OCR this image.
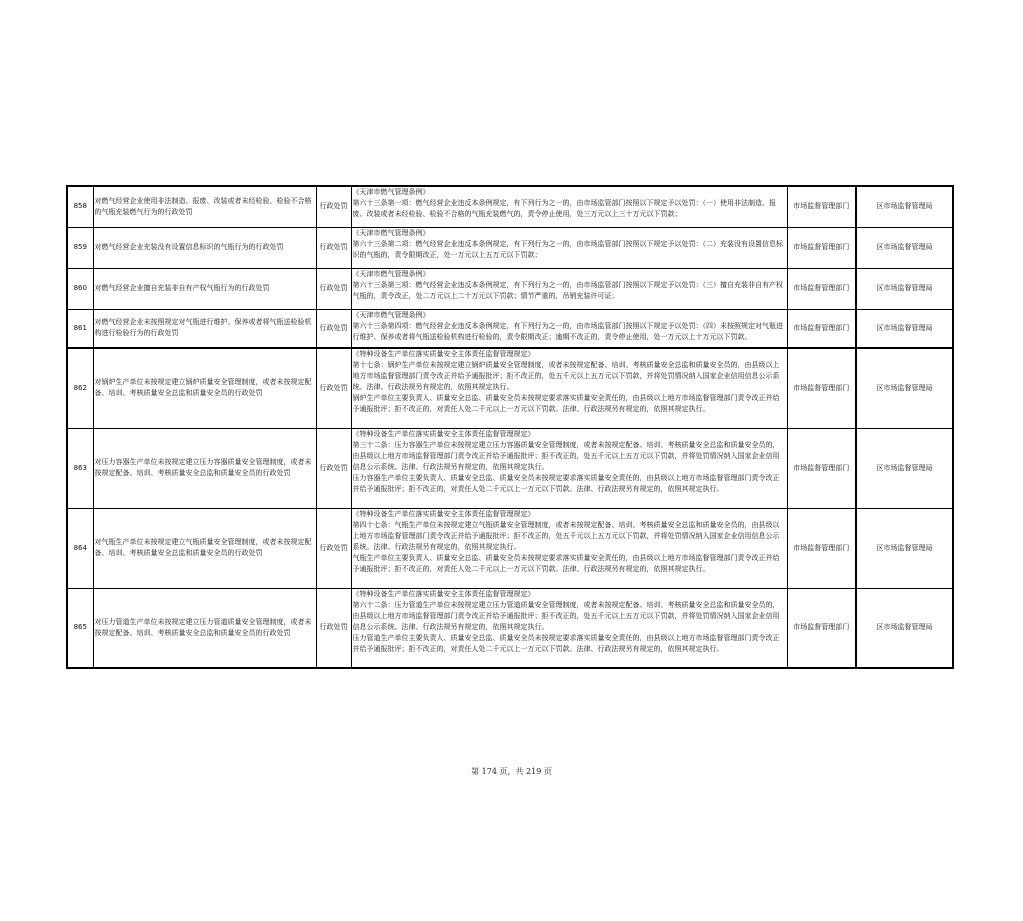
858	对燃气经营企业使用非法制造、报废、改装或者未经检验、检验不合格的气瓶充装燃气行为的行政处罚	行政处罚	《天津市燃气管理条例》
第六十三条第一项：燃气经营企业违反本条例规定，有下列行为之一的，由市场监管部门按照以下规定予以处罚：（一）使用非法制造、报废、改装或者未经检验、检验不合格的气瓶充装燃气的，责令停止使用，处三万元以上三十万元以下罚款；	市场监督管理部门	区市场监督管理局
859	对燃气经营企业充装没有设置信息标识的气瓶行为的行政处罚	行政处罚	《天津市燃气管理条例》
第六十三条第二项：燃气经营企业违反本条例规定，有下列行为之一的，由市场监管部门按照以下规定予以处罚：（二）充装没有设置信息标识的气瓶的，责令限期改正，处一万元以上五万元以下罚款；	市场监督管理部门	区市场监督管理局
860	对燃气经营企业擅自充装非自有产权气瓶行为的行政处罚	行政处罚	《天津市燃气管理条例》
第六十三条第三项：燃气经营企业违反本条例规定，有下列行为之一的，由市场监管部门按照以下规定予以处罚：（三）擅自充装非自有产权气瓶的，责令改正，处二万元以上二十万元以下罚款；情节严重的，吊销充装许可证；	市场监督管理部门	区市场监督管理局
861	对燃气经营企业未按照规定对气瓶进行维护、保养或者将气瓶送检验机构进行检验行为的行政处罚	行政处罚	《天津市燃气管理条例》
第六十三条第四项：燃气经营企业违反本条例规定，有下列行为之一的，由市场监管部门按照以下规定予以处罚：（四）未按照规定对气瓶进行维护、保养或者将气瓶送检验机构进行检验的，责令限期改正；逾期不改正的，责令停止使用，处一万元以上十万元以下罚款。	市场监督管理部门	区市场监督管理局
862	对锅炉生产单位未按规定建立锅炉质量安全管理制度，或者未按规定配备、培训、考核质量安全总监和质量安全员的行政处罚	行政处罚	《特种设备生产单位落实质量安全主体责任监督管理规定》
第十七条：锅炉生产单位未按规定建立锅炉质量安全管理制度，或者未按规定配备、培训、考核质量安全总监和质量安全员的，由县级以上地方市场监督管理部门责令改正并给予通报批评；拒不改正的，处五千元以上五万元以下罚款，并将处罚情况纳入国家企业信用信息公示系统。法律、行政法规另有规定的，依照其规定执行。
锅炉生产单位主要负责人、质量安全总监、质量安全员未按规定要求落实质量安全责任的，由县级以上地方市场监督管理部门责令改正并给予通报批评；拒不改正的，对责任人处二千元以上一万元以下罚款。法律、行政法规另有规定的，依照其规定执行。	市场监督管理部门	区市场监督管理局
863	对压力容器生产单位未按规定建立压力容器质量安全管理制度，或者未按规定配备、培训、考核质量安全总监和质量安全员的行政处罚	行政处罚	《特种设备生产单位落实质量安全主体责任监督管理规定》
第三十二条：压力容器生产单位未按规定建立压力容器质量安全管理制度，或者未按规定配备、培训、考核质量安全总监和质量安全员的，由县级以上地方市场监督管理部门责令改正并给予通报批评；拒不改正的，处五千元以上五万元以下罚款，并将处罚情况纳入国家企业信用信息公示系统。法律、行政法规另有规定的，依照其规定执行。
压力容器生产单位主要负责人、质量安全总监、质量安全员未按规定要求落实质量安全责任的，由县级以上地方市场监督管理部门责令改正并给予通报批评；拒不改正的，对责任人处二千元以上一万元以下罚款。法律、行政法规另有规定的，依照其规定执行。	市场监督管理部门	区市场监督管理局
864	对气瓶生产单位未按规定建立气瓶质量安全管理制度，或者未按规定配备、培训、考核质量安全总监和质量安全员的行政处罚	行政处罚	《特种设备生产单位落实质量安全主体责任监督管理规定》
第四十七条：气瓶生产单位未按规定建立气瓶质量安全管理制度，或者未按规定配备、培训、考核质量安全总监和质量安全员的，由县级以上地方市场监督管理部门责令改正并给予通报批评；拒不改正的，处五千元以上五万元以下罚款，并将处罚情况纳入国家企业信用信息公示系统。法律、行政法规另有规定的，依照其规定执行。
气瓶生产单位主要负责人、质量安全总监、质量安全员未按规定要求落实质量安全责任的，由县级以上地方市场监督管理部门责令改正并给予通报批评；拒不改正的，对责任人处二千元以上一万元以下罚款。法律、行政法规另有规定的，依照其规定执行。	市场监督管理部门	区市场监督管理局
865	对压力管道生产单位未按规定建立压力管道质量安全管理制度，或者未按规定配备、培训、考核质量安全总监和质量安全员的行政处罚	行政处罚	《特种设备生产单位落实质量安全主体责任监督管理规定》
第六十二条：压力管道生产单位未按规定建立压力管道质量安全管理制度，或者未按规定配备、培训、考核质量安全总监和质量安全员的，由县级以上地方市场监督管理部门责令改正并给予通报批评；拒不改正的，处五千元以上五万元以下罚款，并将处罚情况纳入国家企业信用信息公示系统。法律、行政法规另有规定的，依照其规定执行。
压力管道生产单位主要负责人、质量安全总监、质量安全员未按规定要求落实质量安全责任的，由县级以上地方市场监督管理部门责令改正并给予通报批评；拒不改正的，对责任人处二千元以上一万元以下罚款。法律、行政法规另有规定的，依照其规定执行。	市场监督管理部门	区市场监督管理局
第 174 页，共 219 页
